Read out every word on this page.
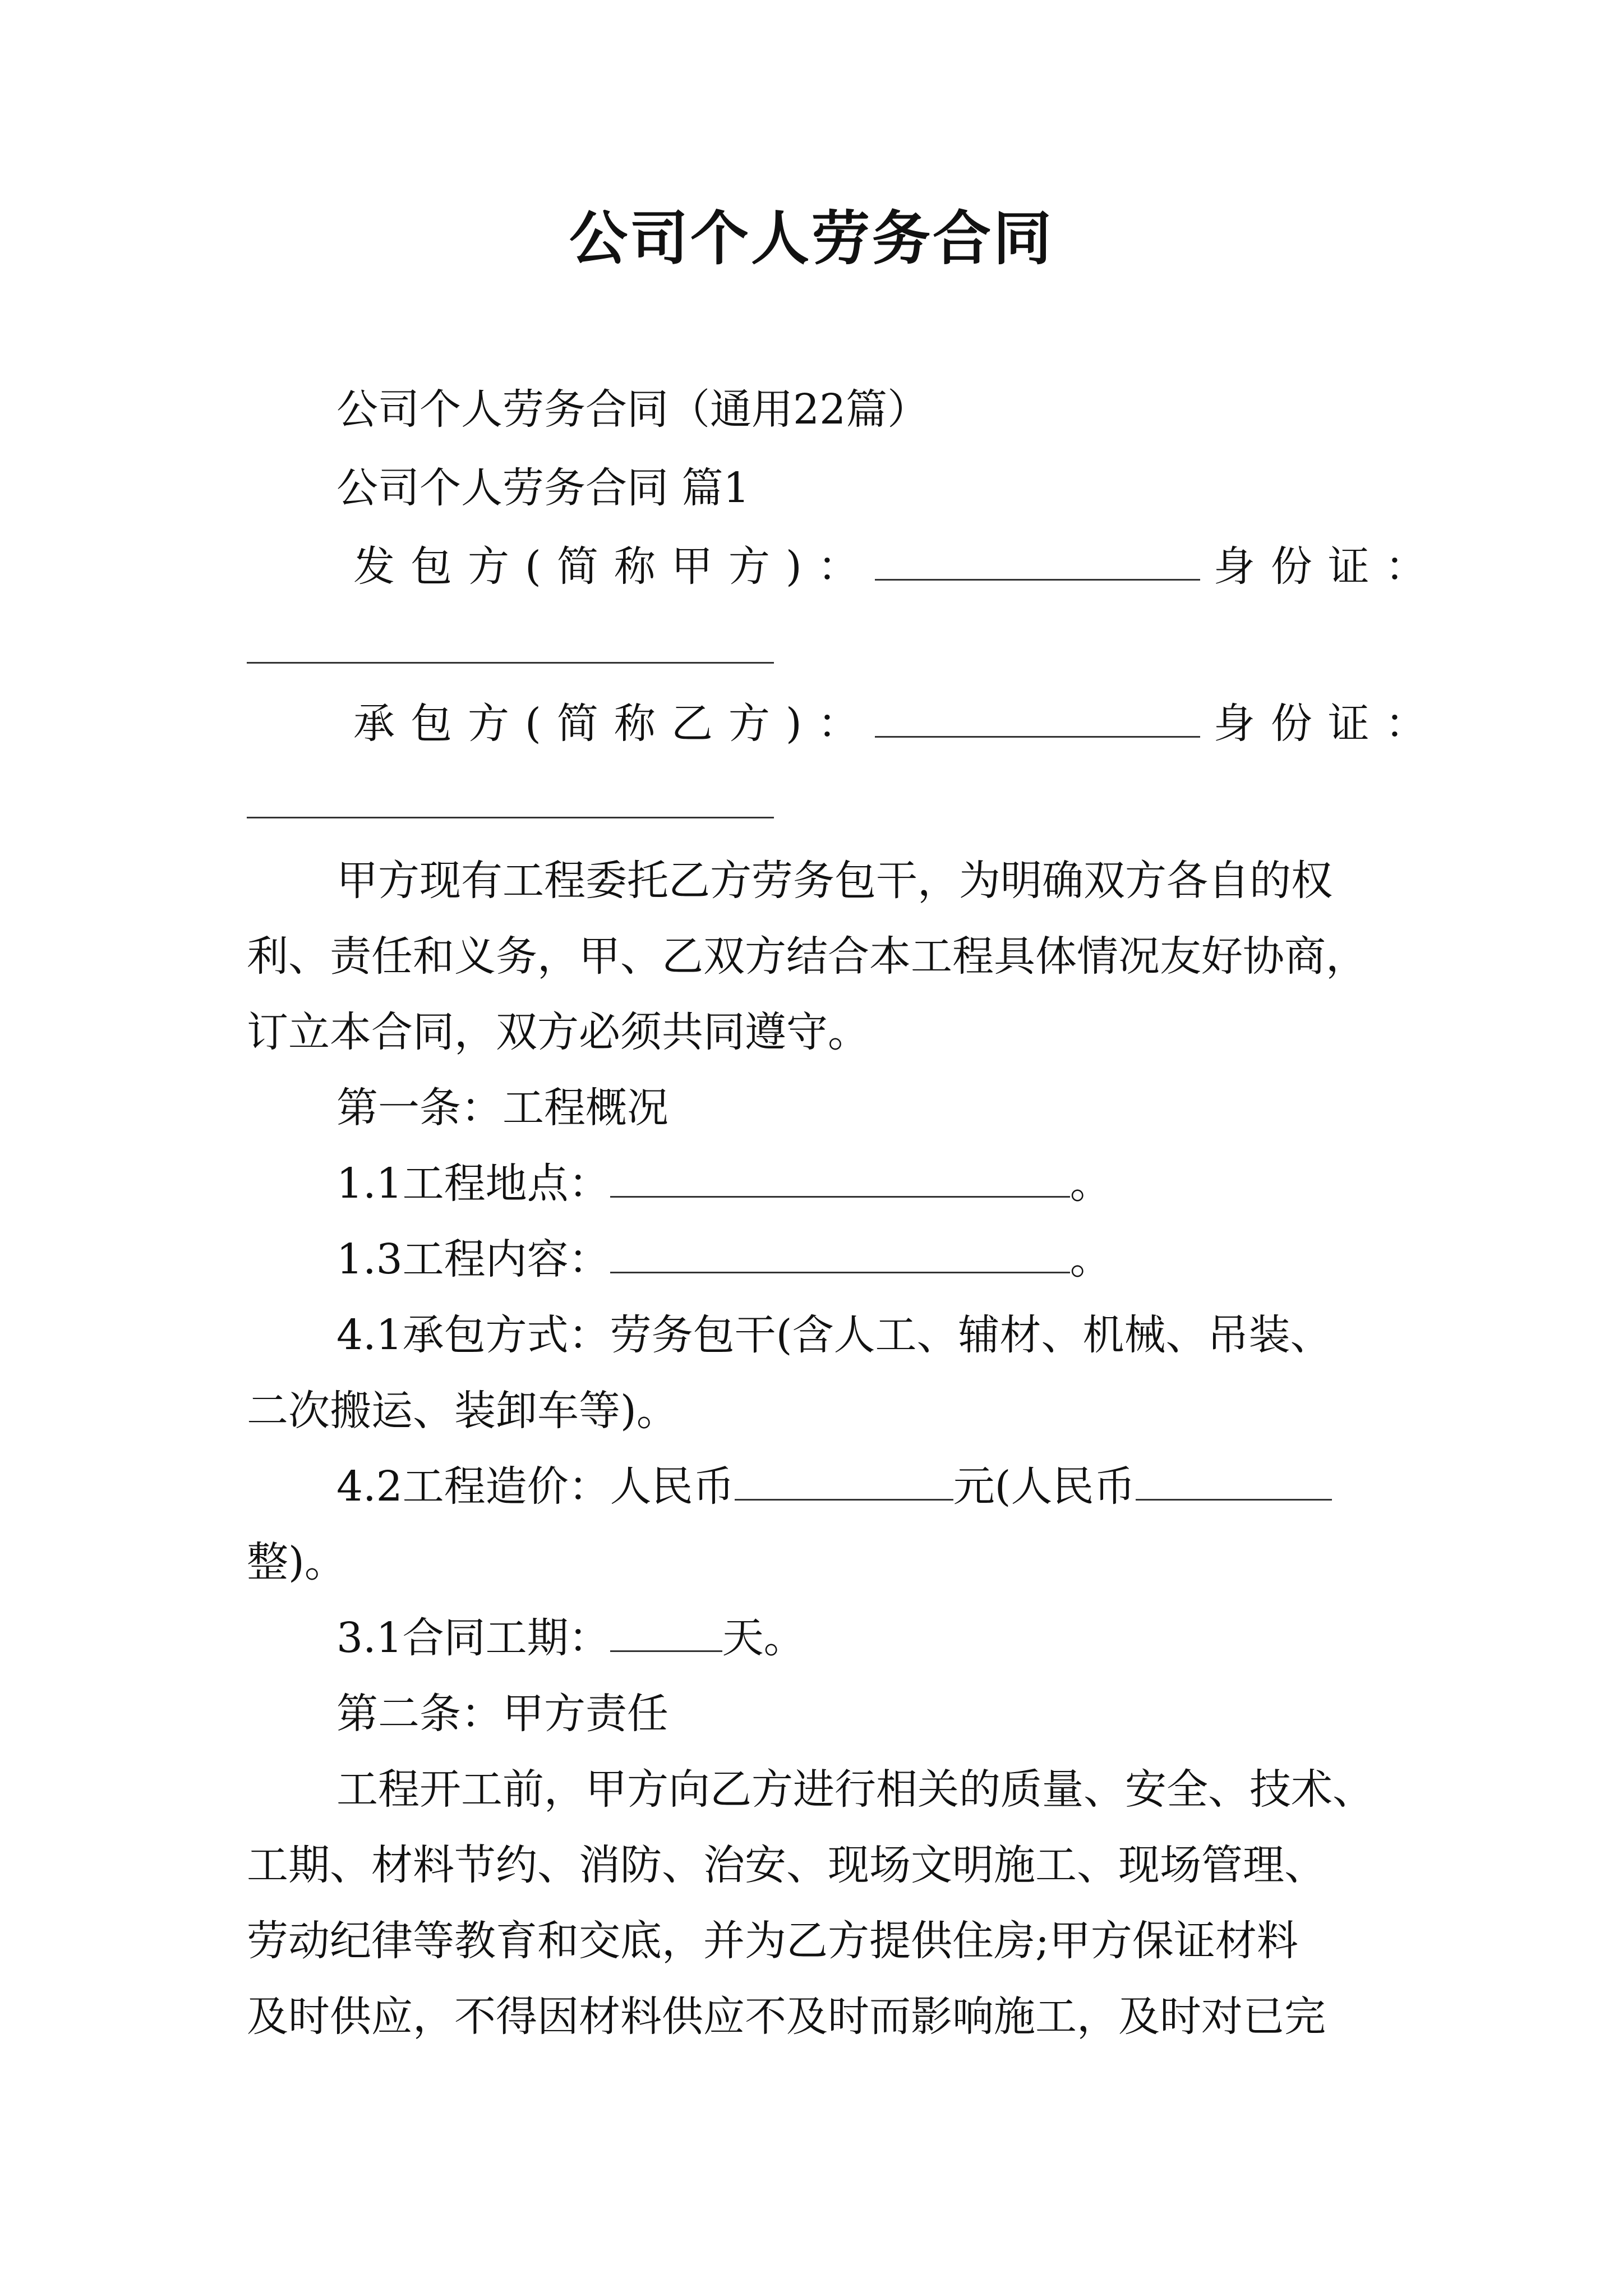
公司个人劳务合同
公司个人劳务合同（通用22篇）
公司个人劳务合同 篇1
发包方(简称甲方)：	身份证：
承包方(简称乙方)：	身份证：
甲方现有工程委托乙方劳务包干，为明确双方各自的权
利、责任和义务，甲、乙双方结合本工程具体情况友好协商，
订立本合同，双方必须共同遵守。
第一条：工程概况
1.1工程地点：	。
1.3工程内容：	。
4.1承包方式：劳务包干(含人工、辅材、机械、吊装、
二次搬运、装卸车等)。
4.2工程造价：人民币	元(人民币
整)。
3.1合同工期：	天。
第二条：甲方责任
工程开工前，甲方向乙方进行相关的质量、安全、技术、
工期、材料节约、消防、治安、现场文明施工、现场管理、
劳动纪律等教育和交底，并为乙方提供住房;甲方保证材料
及时供应，不得因材料供应不及时而影响施工，及时对已完
